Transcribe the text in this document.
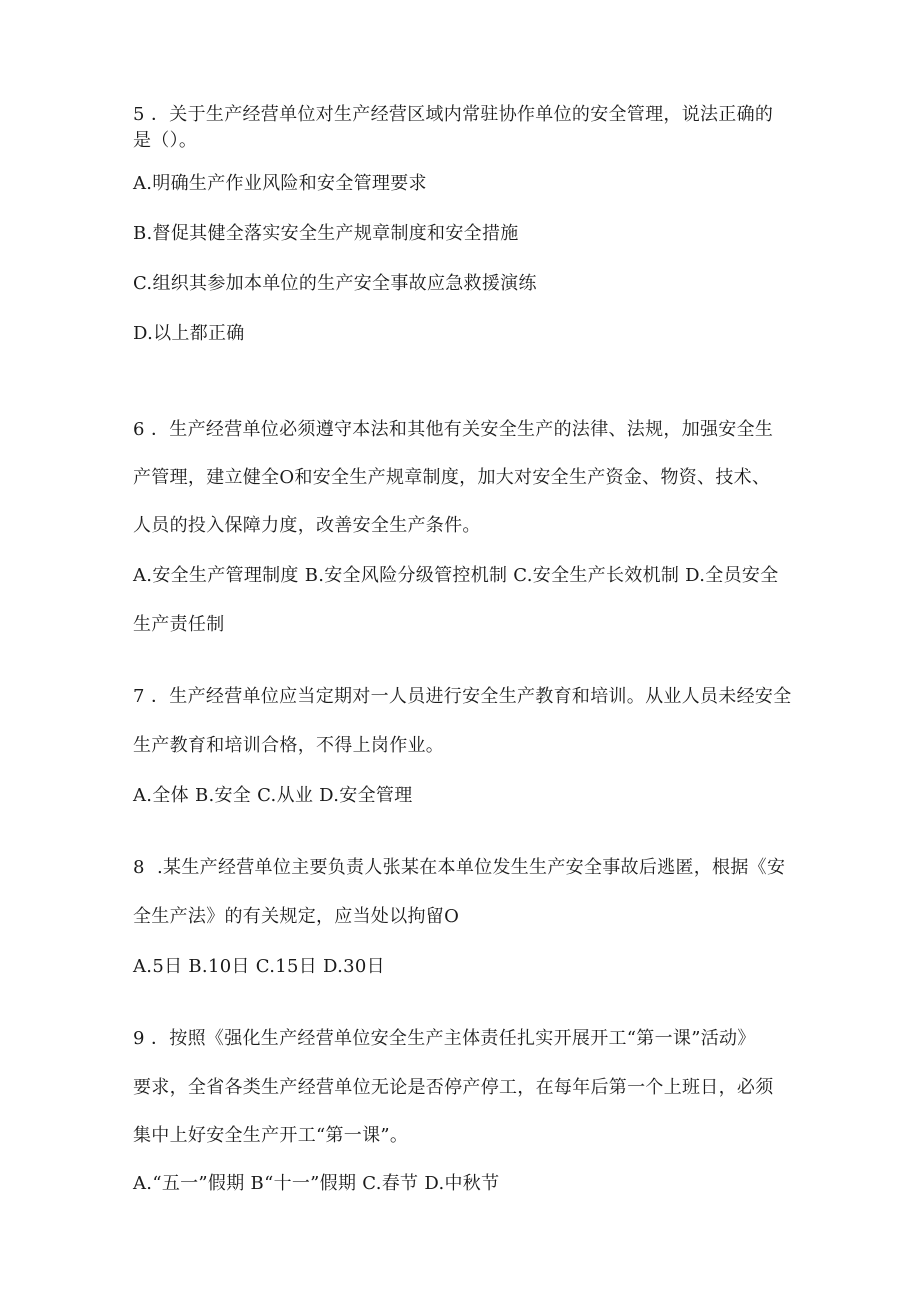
5 ．关于生产经营单位对生产经营区域内常驻协作单位的安全管理，说法正确的
是（）。
A.明确生产作业风险和安全管理要求
B.督促其健全落实安全生产规章制度和安全措施
C.组织其参加本单位的生产安全事故应急救援演练
D.以上都正确
6 ．生产经营单位必须遵守本法和其他有关安全生产的法律、法规，加强安全生
产管理，建立健全O和安全生产规章制度，加大对安全生产资金、物资、技术、
人员的投入保障力度，改善安全生产条件。
A.安全生产管理制度 B.安全风险分级管控机制 C.安全生产长效机制 D.全员安全
生产责任制
7 ．生产经营单位应当定期对一人员进行安全生产教育和培训。从业人员未经安全
生产教育和培训合格，不得上岗作业。
A.全体 B.安全 C.从业 D.安全管理
8 .某生产经营单位主要负责人张某在本单位发生生产安全事故后逃匿，根据《安
全生产法》的有关规定，应当处以拘留O
A.5日 B.10日 C.15日 D.30日
9 ．按照《强化生产经营单位安全生产主体责任扎实开展开工“第一课”活动》
要求，全省各类生产经营单位无论是否停产停工，在每年后第一个上班日，必须
集中上好安全生产开工“第一课”。
A.“五一”假期 B“十一”假期 C.春节 D.中秋节
